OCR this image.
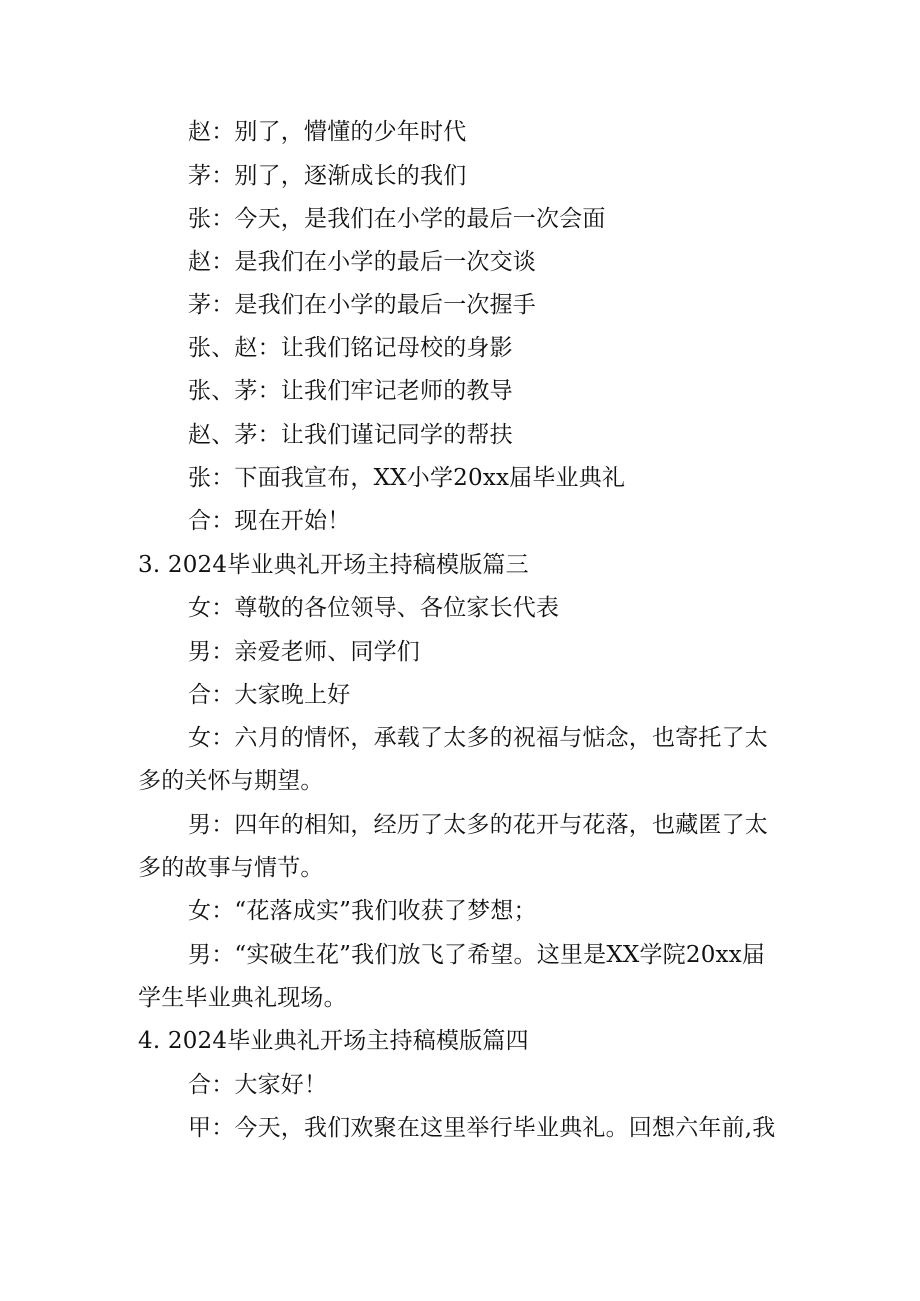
赵：别了，懵懂的少年时代
茅：别了，逐渐成长的我们
张：今天，是我们在小学的最后一次会面
赵：是我们在小学的最后一次交谈
茅：是我们在小学的最后一次握手
张、赵：让我们铭记母校的身影
张、茅：让我们牢记老师的教导
赵、茅：让我们谨记同学的帮扶
张：下面我宣布，XX小学20xx届毕业典礼
合：现在开始！
3. 2024毕业典礼开场主持稿模版篇三
女：尊敬的各位领导、各位家长代表
男：亲爱老师、同学们
合：大家晚上好
女：六月的情怀，承载了太多的祝福与惦念，也寄托了太
多的关怀与期望。
男：四年的相知，经历了太多的花开与花落，也藏匿了太
多的故事与情节。
女：“花落成实”我们收获了梦想；
男：“实破生花”我们放飞了希望。这里是XX学院20xx届
学生毕业典礼现场。
4. 2024毕业典礼开场主持稿模版篇四
合：大家好！
甲：今天，我们欢聚在这里举行毕业典礼。回想六年前,我
